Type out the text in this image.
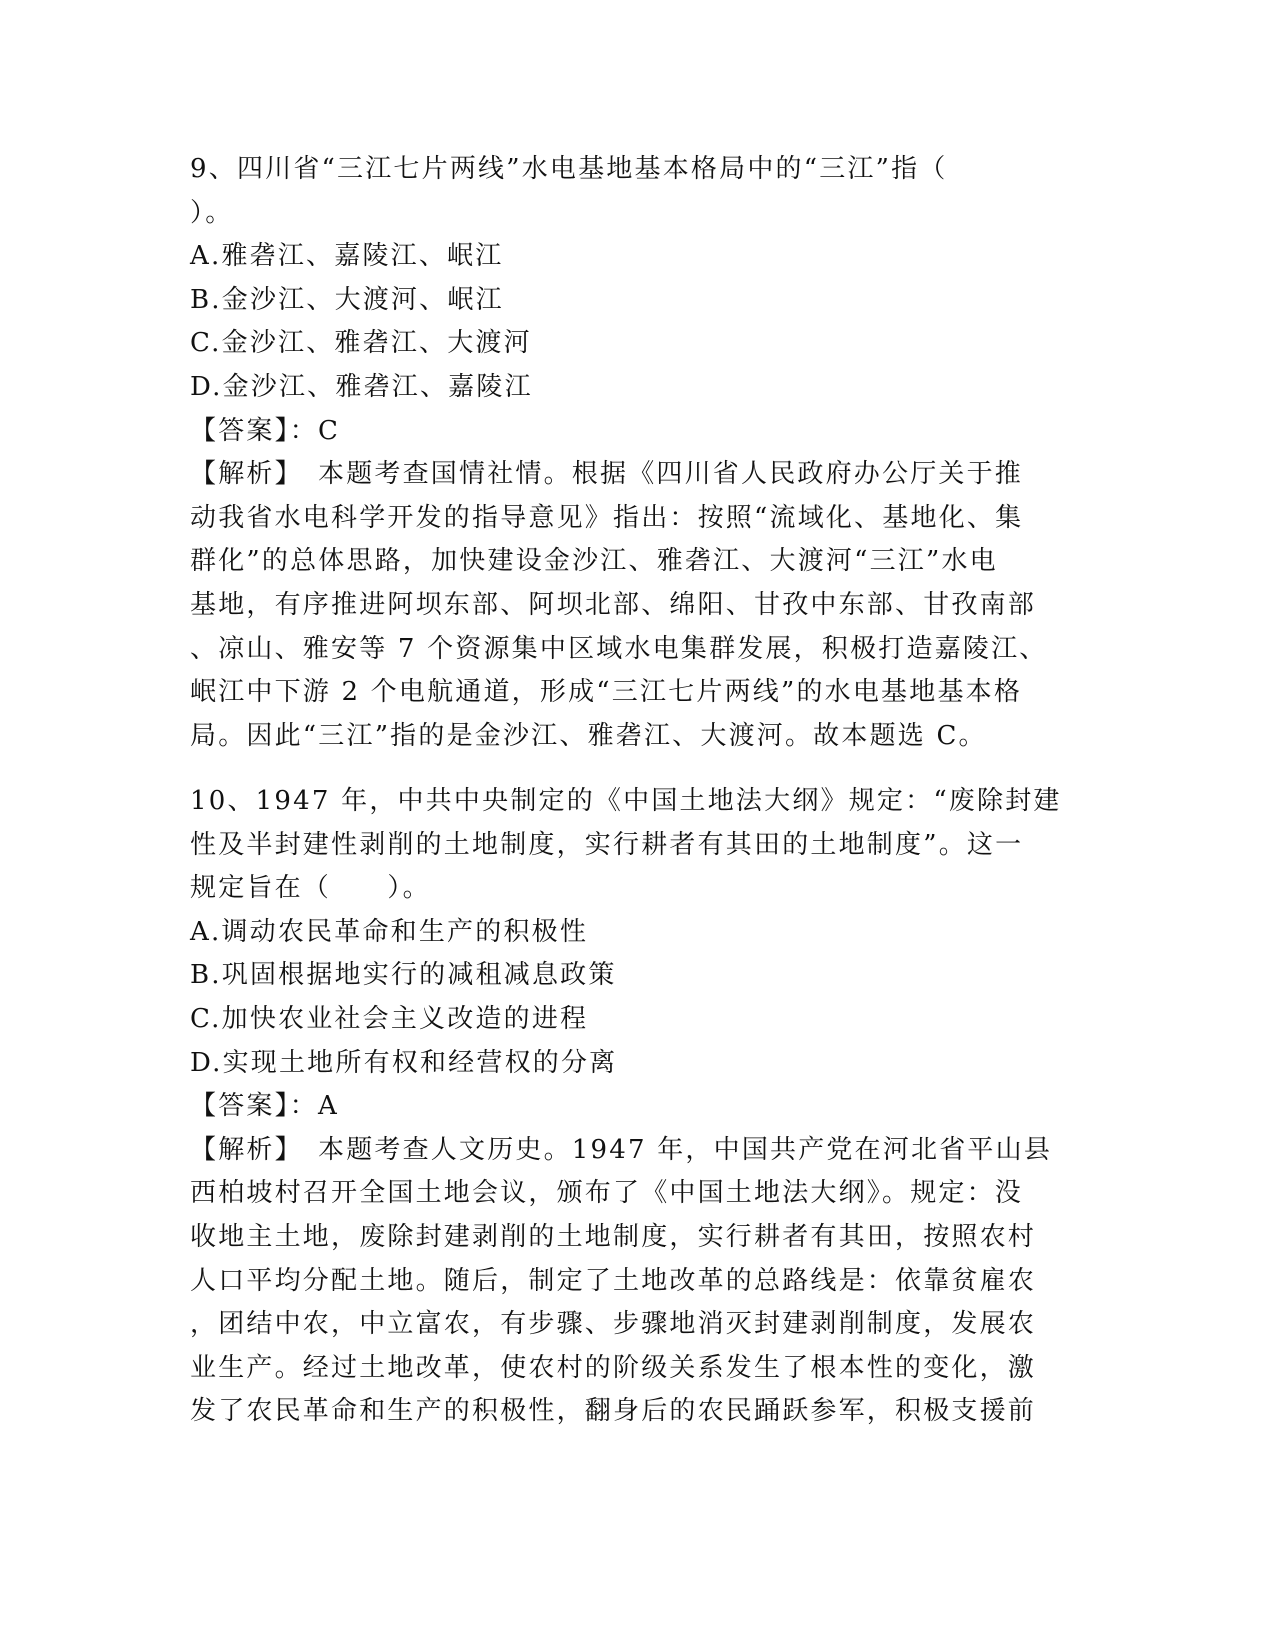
9、四川省“三江七片两线”水电基地基本格局中的“三江”指（
）。
A.雅砻江、嘉陵江、岷江
B.金沙江、大渡河、岷江
C.金沙江、雅砻江、大渡河
D.金沙江、雅砻江、嘉陵江
【答案】：C
【解析】　本题考查国情社情。根据《四川省人民政府办公厅关于推
动我省水电科学开发的指导意见》指出：按照“流域化、基地化、集
群化”的总体思路，加快建设金沙江、雅砻江、大渡河“三江”水电
基地，有序推进阿坝东部、阿坝北部、绵阳、甘孜中东部、甘孜南部
、凉山、雅安等 7 个资源集中区域水电集群发展，积极打造嘉陵江、
岷江中下游 2 个电航通道，形成“三江七片两线”的水电基地基本格
局。因此“三江”指的是金沙江、雅砻江、大渡河。故本题选 C。
10、1947 年，中共中央制定的《中国土地法大纲》规定：“废除封建
性及半封建性剥削的土地制度，实行耕者有其田的土地制度”。这一
规定旨在（　　）。
A.调动农民革命和生产的积极性
B.巩固根据地实行的减租减息政策
C.加快农业社会主义改造的进程
D.实现土地所有权和经营权的分离
【答案】：A
【解析】　本题考查人文历史。1947 年，中国共产党在河北省平山县
西柏坡村召开全国土地会议，颁布了《中国土地法大纲》。规定：没
收地主土地，废除封建剥削的土地制度，实行耕者有其田，按照农村
人口平均分配土地。随后，制定了土地改革的总路线是：依靠贫雇农
，团结中农，中立富农，有步骤、步骤地消灭封建剥削制度，发展农
业生产。经过土地改革，使农村的阶级关系发生了根本性的变化，激
发了农民革命和生产的积极性，翻身后的农民踊跃参军，积极支援前
